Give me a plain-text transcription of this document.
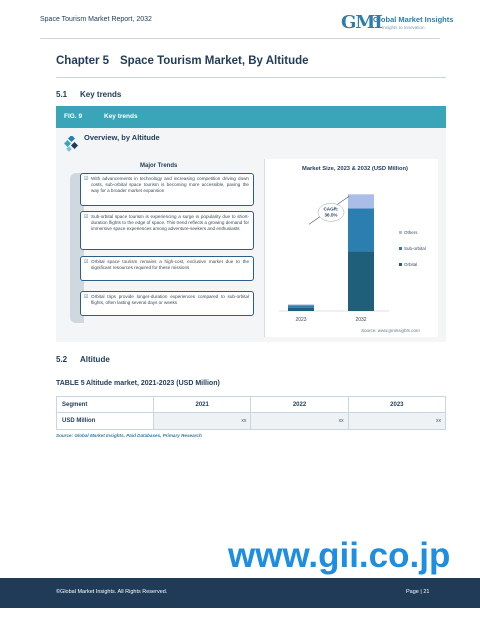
Space Tourism Market Report, 2032	GMI
Global Market Insights
Insights to Innovation
Chapter 5 Space Tourism Market, By Altitude
5.1 Key trends
FIG. 9	Key trends
Overview, by Altitude
Major Trends
☑ With advancements in technology and increasing competition driving down costs, sub-orbital space tourism is becoming more accessible, paving the way for a broader market expansion
☑ Sub-orbital space tourism is experiencing a surge in popularity due to short-duration flights to the edge of space. This trend reflects a growing demand for immersive space experiences among adventure-seekers and enthusiasts
☑ Orbital space tourism remains a high-cost, exclusive market due to the significant resources required for these missions
☑ Orbital trips provide longer-duration experiences compared to sub-orbital flights, often lasting several days or weeks
Market Size, 2023 & 2032 (USD Million)
2023	2032
CAGR:
36.5%
Others
Sub-orbital
Orbital
Source: www.gminsights.com
5.2 Altitude
TABLE 5Altitude market, 2021-2023 (USD Million)
Segment	2021	2022	2023
USD Million	xx	xx	xx
Source: Global Market Insights, Paid Databases, Primary Research
www.gii.co.jp
©Global Market Insights. All Rights Reserved.	Page | 21
